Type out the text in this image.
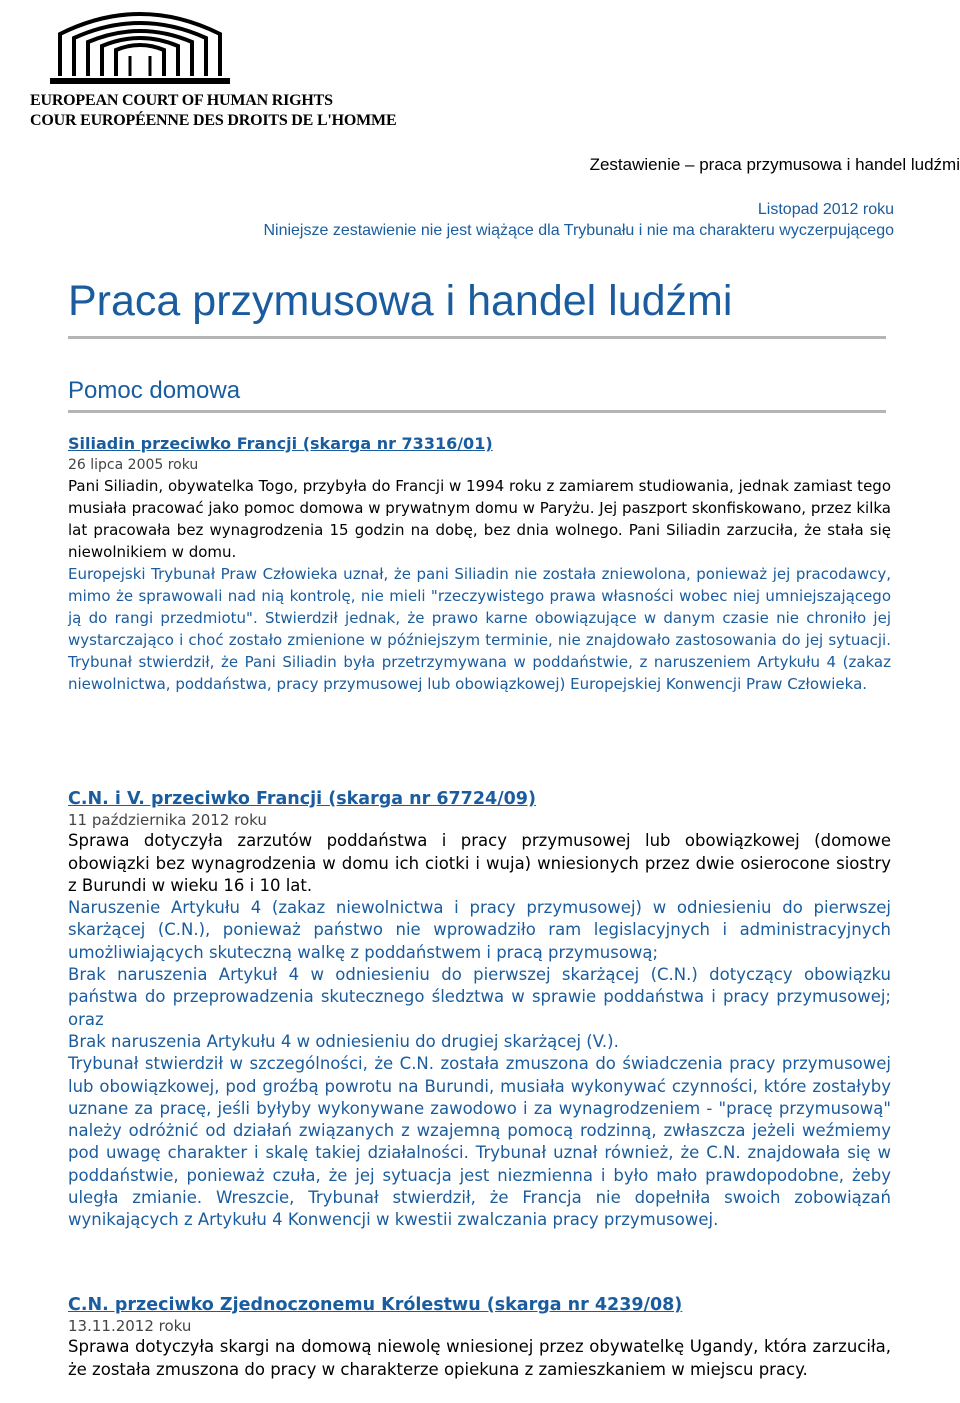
EUROPEAN COURT OF HUMAN RIGHTS
COUR EUROPÉENNE DES DROITS DE L'HOMME
Zestawienie – praca przymusowa i handel ludźmi
Listopad 2012 roku
Niniejsze zestawienie nie jest wiążące dla Trybunału i nie ma charakteru wyczerpującego
Praca przymusowa i handel ludźmi
Pomoc domowa
Siliadin przeciwko Francji (skarga nr 73316/01)
26 lipca 2005 roku
Pani Siliadin, obywatelka Togo, przybyła do Francji w 1994 roku z zamiarem studiowania, jednak zamiast tego musiała pracować jako pomoc domowa w prywatnym domu w Paryżu. Jej paszport skonfiskowano, przez kilka lat pracowała bez wynagrodzenia 15 godzin na dobę, bez dnia wolnego. Pani Siliadin zarzuciła, że stała się niewolnikiem w domu.
Europejski Trybunał Praw Człowieka uznał, że pani Siliadin nie została zniewolona, ponieważ jej pracodawcy, mimo że sprawowali nad nią kontrolę, nie mieli "rzeczywistego prawa własności wobec niej umniejszającego ją do rangi przedmiotu". Stwierdził jednak, że prawo karne obowiązujące w danym czasie nie chroniło jej wystarczająco i choć zostało zmienione w późniejszym terminie, nie znajdowało zastosowania do jej sytuacji. Trybunał stwierdził, że Pani Siliadin była przetrzymywana w poddaństwie, z naruszeniem Artykułu 4 (zakaz niewolnictwa, poddaństwa, pracy przymusowej lub obowiązkowej) Europejskiej Konwencji Praw Człowieka.
C.N. i V. przeciwko Francji (skarga nr 67724/09)
11 października 2012 roku
Sprawa dotyczyła zarzutów poddaństwa i pracy przymusowej lub obowiązkowej (domowe obowiązki bez wynagrodzenia w domu ich ciotki i wuja) wniesionych przez dwie osierocone siostry z Burundi w wieku 16 i 10 lat.
Naruszenie Artykułu 4 (zakaz niewolnictwa i pracy przymusowej) w odniesieniu do pierwszej skarżącej (C.N.), ponieważ państwo nie wprowadziło ram legislacyjnych i administracyjnych umożliwiających skuteczną walkę z poddaństwem i pracą przymusową;
Brak naruszenia Artykuł 4 w odniesieniu do pierwszej skarżącej (C.N.) dotyczący obowiązku państwa do przeprowadzenia skutecznego śledztwa w sprawie poddaństwa i pracy przymusowej; oraz
Brak naruszenia Artykułu 4 w odniesieniu do drugiej skarżącej (V.).
Trybunał stwierdził w szczególności, że C.N. została zmuszona do świadczenia pracy przymusowej lub obowiązkowej, pod groźbą powrotu na Burundi, musiała wykonywać czynności, które zostałyby uznane za pracę, jeśli byłyby wykonywane zawodowo i za wynagrodzeniem - "pracę przymusową" należy odróżnić od działań związanych z wzajemną pomocą rodzinną, zwłaszcza jeżeli weźmiemy pod uwagę charakter i skalę takiej działalności. Trybunał uznał również, że C.N. znajdowała się w poddaństwie, ponieważ czuła, że jej sytuacja jest niezmienna i było mało prawdopodobne, żeby uległa zmianie. Wreszcie, Trybunał stwierdził, że Francja nie dopełniła swoich zobowiązań wynikających z Artykułu 4 Konwencji w kwestii zwalczania pracy przymusowej.
C.N. przeciwko Zjednoczonemu Królestwu (skarga nr 4239/08)
13.11.2012 roku
Sprawa dotyczyła skargi na domową niewolę wniesionej przez obywatelkę Ugandy, która zarzuciła, że została zmuszona do pracy w charakterze opiekuna z zamieszkaniem w miejscu pracy.
